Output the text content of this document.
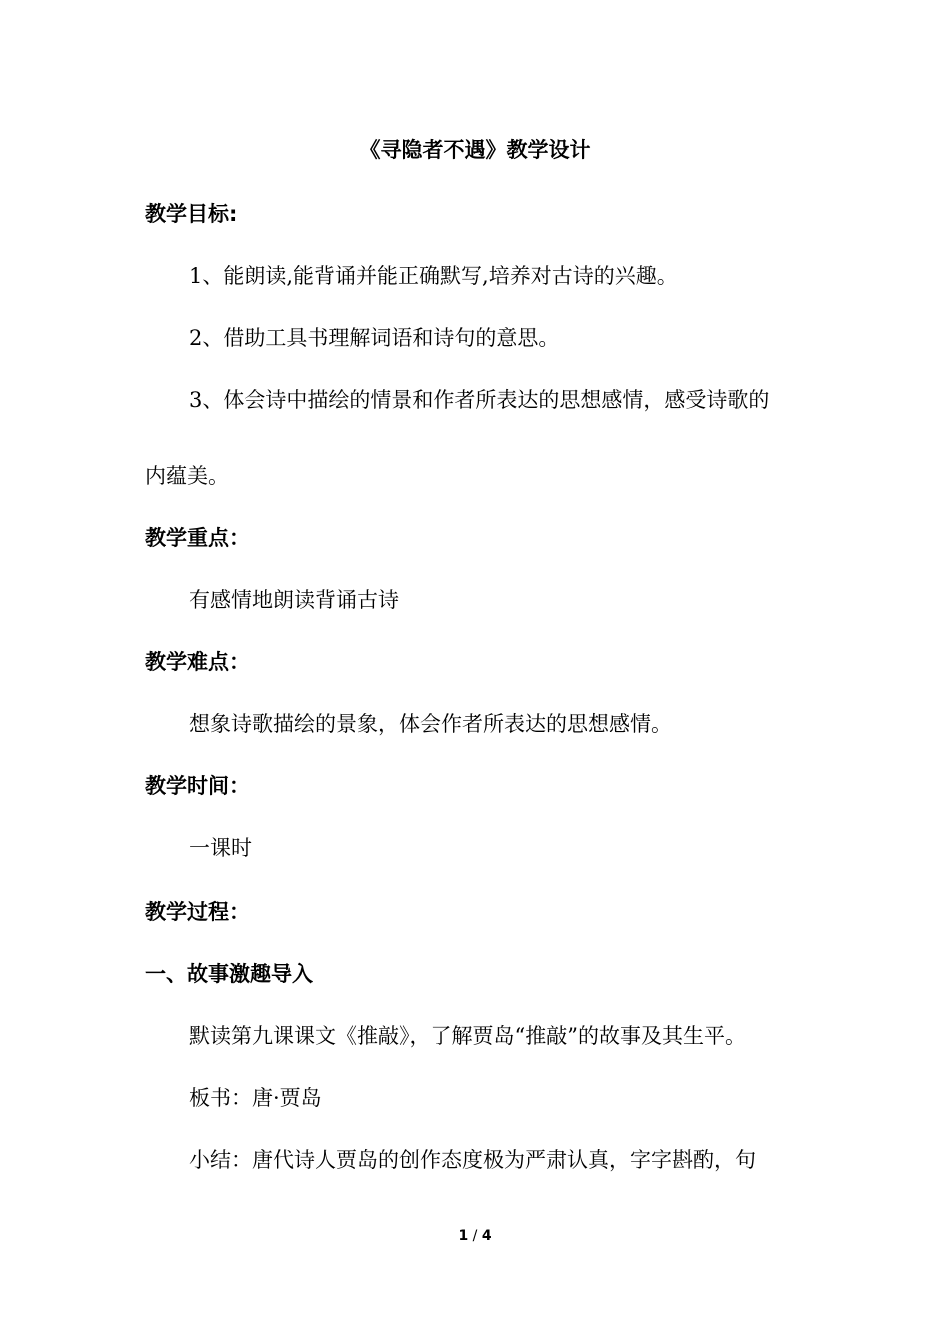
《寻隐者不遇》教学设计
教学目标:
1、能朗读,能背诵并能正确默写,培养对古诗的兴趣。
2、借助工具书理解词语和诗句的意思。
3、体会诗中描绘的情景和作者所表达的思想感情，感受诗歌的
内蕴美。
教学重点：
有感情地朗读背诵古诗
教学难点：
想象诗歌描绘的景象，体会作者所表达的思想感情。
教学时间：
一课时
教学过程：
一、故事激趣导入
默读第九课课文《推敲》，了解贾岛“推敲”的故事及其生平。
板书：唐·贾岛
小结：唐代诗人贾岛的创作态度极为严肃认真，字字斟酌，句
1 / 4
